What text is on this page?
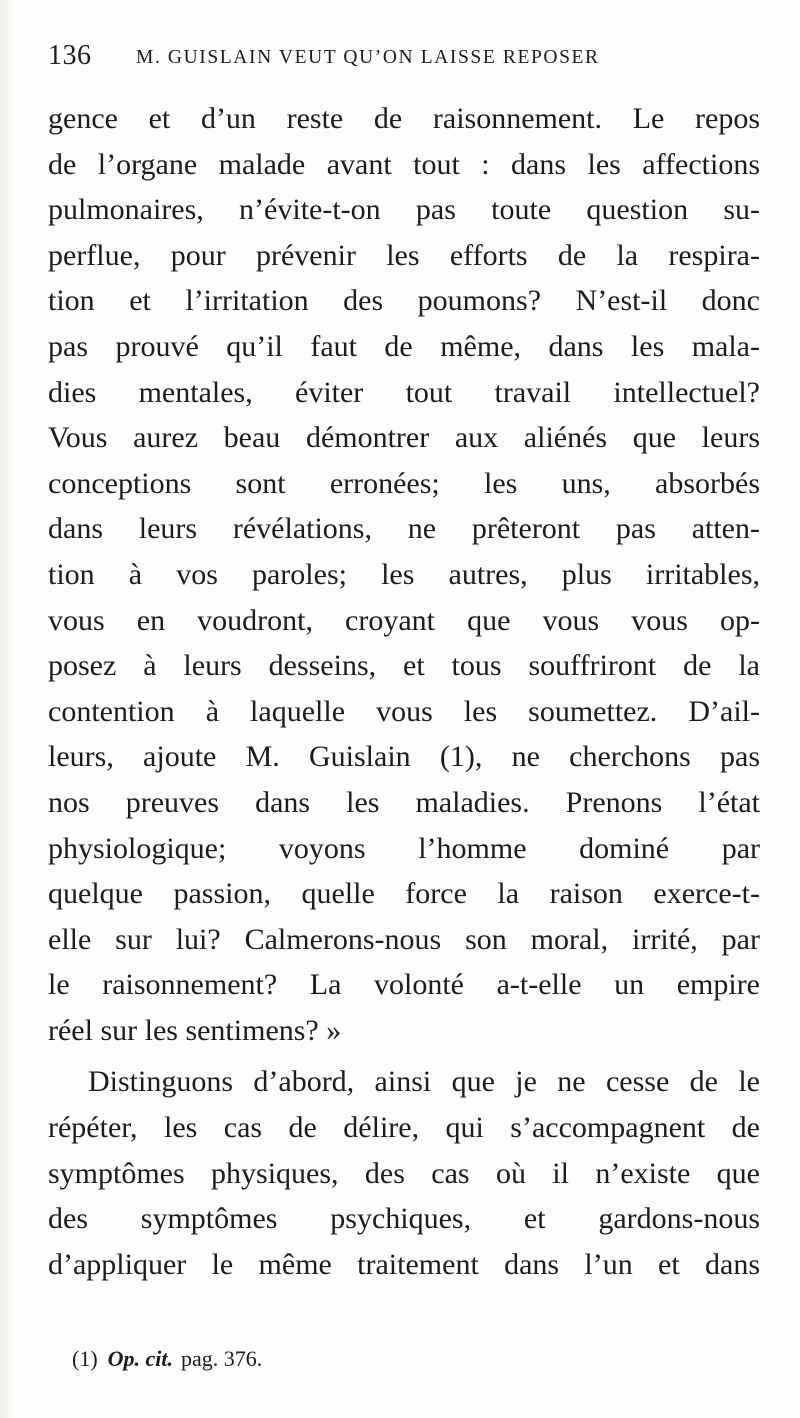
136 M. GUISLAIN VEUT QU’ON LAISSE REPOSER
gence et d’un reste de raisonnement. Le repos
de l’organe malade avant tout : dans les affections
pulmonaires, n’évite-t-on pas toute question su-
perflue, pour prévenir les efforts de la respira-
tion et l’irritation des poumons? N’est-il donc
pas prouvé qu’il faut de même, dans les mala-
dies mentales, éviter tout travail intellectuel?
Vous aurez beau démontrer aux aliénés que leurs
conceptions sont erronées; les uns, absorbés
dans leurs révélations, ne prêteront pas atten-
tion à vos paroles; les autres, plus irritables,
vous en voudront, croyant que vous vous op-
posez à leurs desseins, et tous souffriront de la
contention à laquelle vous les soumettez. D’ail-
leurs, ajoute M. Guislain (1), ne cherchons pas
nos preuves dans les maladies. Prenons l’état
physiologique; voyons l’homme dominé par
quelque passion, quelle force la raison exerce-t-
elle sur lui? Calmerons-nous son moral, irrité, par
le raisonnement? La volonté a-t-elle un empire
réel sur les sentimens? »
Distinguons d’abord, ainsi que je ne cesse de le
répéter, les cas de délire, qui s’accompagnent de
symptômes physiques, des cas où il n’existe que
des symptômes psychiques, et gardons-nous
d’appliquer le même traitement dans l’un et dans
(1) Op. cit. pag. 376.
